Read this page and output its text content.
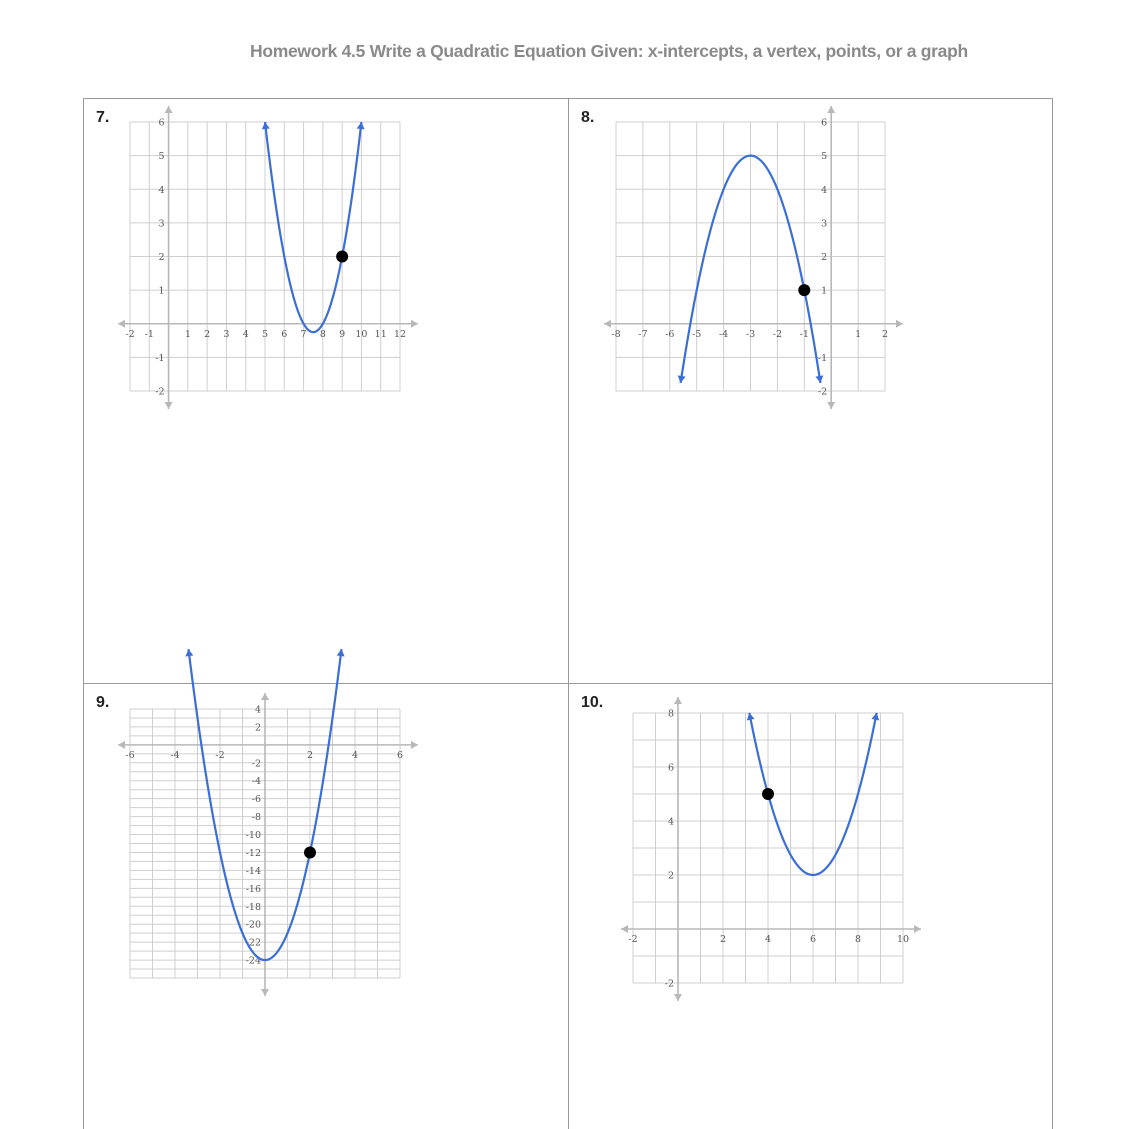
Homework 4.5 Write a Quadratic Equation Given: x-intercepts, a vertex, points, or a graph
7.	8.
9.	10.
-2 -1	1 2 3 4 5 6 7 8 9 10 11 12
-2
-1
1
2
3
4
5
6
-8 -7 -6 -5 -4 -3 -2 -1	1 2
-2
-1
1
2
3
4
5
6
-6	-4	-2	2	4	6
-24
-22
-20
-18
-16
-14
-12
-10
-8
-6
-4
-2
2
4
-2	2	4	6	8	10
-2
2
4
6
8
